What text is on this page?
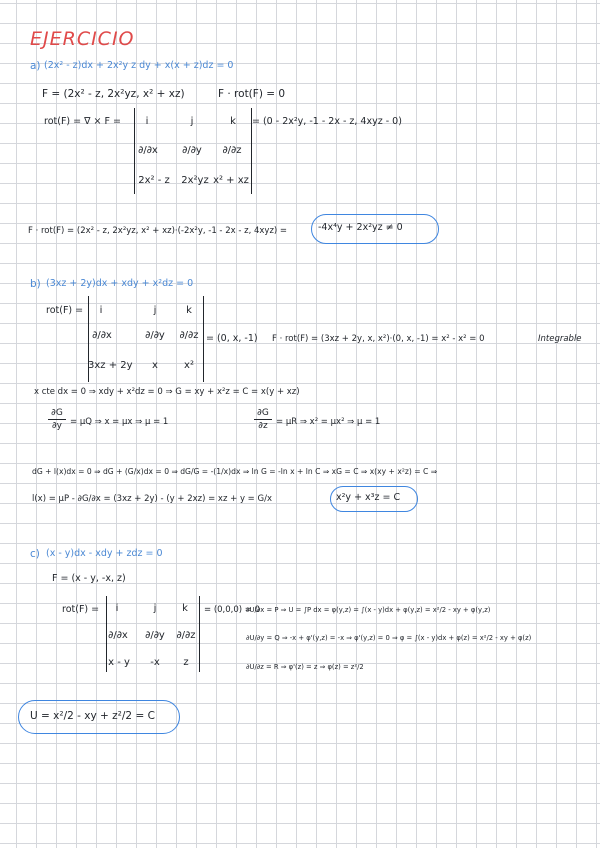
EJERCICIO
a) (2x² - z)dx + 2x²y z dy + x(x + z)dz = 0
F = (2x² - z, 2x²yz, x² + xz)	F · rot(F) = 0
rot(F) = ∇ × F =	i	j	k
∂/∂x ∂/∂y ∂/∂z
2x² - z	2x²yz x² + xz
= (0 - 2x²y, -1 - 2x - z, 4xyz - 0)
F · rot(F) = (2x² - z, 2x²yz, x² + xz)·(-2x²y, -1 - 2x - z, 4xyz) =	-4x⁴y + 2x²yz ≠ 0
b) (3xz + 2y)dx + xdy + x²dz = 0
rot(F) =	i	j	k
∂/∂x	∂/∂y ∂/∂z
3xz + 2y	x	x²
= (0, x, -1) F · rot(F) = (3xz + 2y, x, x²)·(0, x, -1) = x² - x² = 0	Integrable
x cte dx = 0 ⇒ xdy + x²dz = 0 ⇒ G = xy + x²z = C = x(y + xz)
∂G
∂y = μQ ⇒ x = μx ⇒ μ = 1
∂G
∂z = μR ⇒ x² = μx² ⇒ μ = 1
dG + l(x)dx = 0 ⇒ dG + (G/x)dx = 0 ⇒ dG/G = -(1/x)dx ⇒ ln G = -ln x + ln C ⇒ xG = C ⇒ x(xy + x²z) = C ⇒
l(x) = μP - ∂G/∂x = (3xz + 2y) - (y + 2xz) = xz + y = G/x	x²y + x³z = C
c) (x - y)dx - xdy + zdz = 0
F = (x - y, -x, z)
rot(F) =	i	j	k
∂/∂x ∂/∂y ∂/∂z
x - y	-x	z
= (0,0,0) = 0
∂U/∂x = P ⇒ U = ∫P dx = φ(y,z) = ∫(x - y)dx + φ(y,z) = x²/2 - xy + φ(y,z)
∂U/∂y = Q ⇒ -x + φ'(y,z) = -x ⇒ φ'(y,z) = 0 ⇒ φ = ∫(x - y)dx + φ(z) = x²/2 - xy + φ(z)
∂U/∂z = R ⇒ φ'(z) = z ⇒ φ(z) = z²/2
U = x²/2 - xy + z²/2 = C
